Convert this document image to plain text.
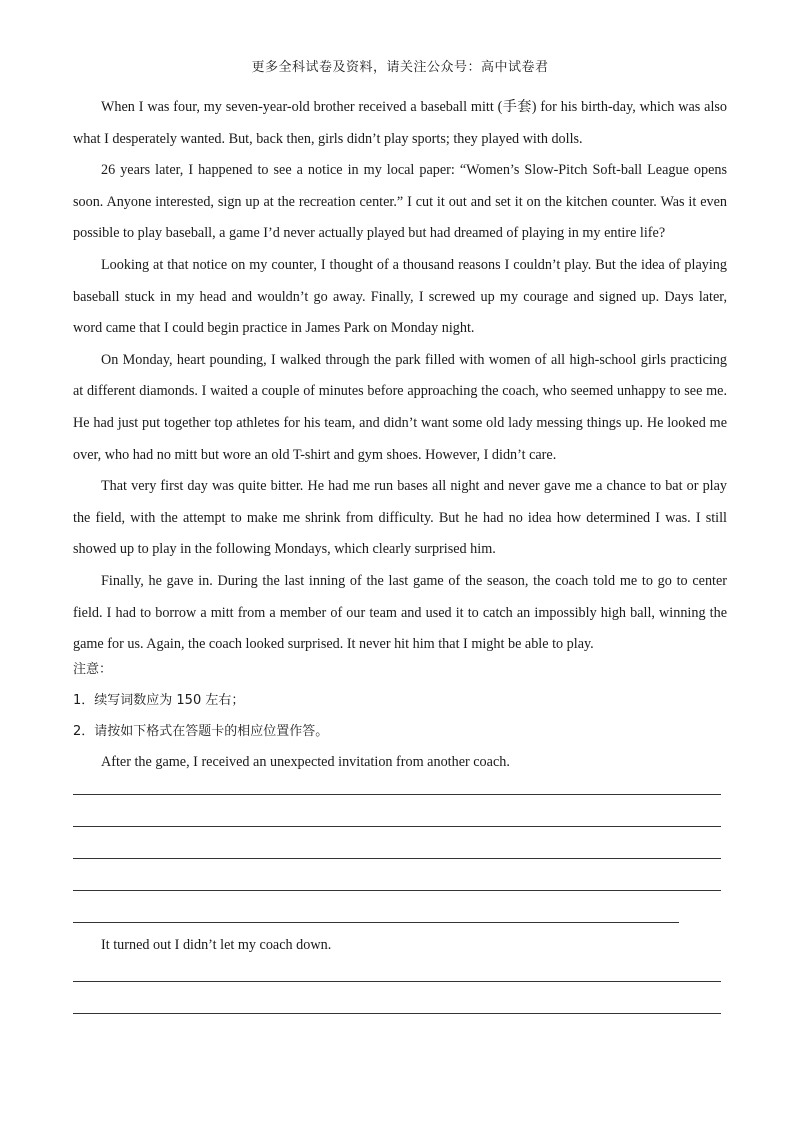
更多全科试卷及资料，请关注公众号：高中试卷君

When I was four, my seven-year-old brother received a baseball mitt (手套) for his birth-day, which was also what I desperately wanted. But, back then, girls didn’t play sports; they played with dolls.

26 years later, I happened to see a notice in my local paper: “Women’s Slow-Pitch Soft-ball League opens soon. Anyone interested, sign up at the recreation center.” I cut it out and set it on the kitchen counter. Was it even possible to play baseball, a game I’d never actually played but had dreamed of playing in my entire life?

Looking at that notice on my counter, I thought of a thousand reasons I couldn’t play. But the idea of playing baseball stuck in my head and wouldn’t go away. Finally, I screwed up my courage and signed up. Days later, word came that I could begin practice in James Park on Monday night.

On Monday, heart pounding, I walked through the park filled with women of all high-school girls practicing at different diamonds. I waited a couple of minutes before approaching the coach, who seemed unhappy to see me. He had just put together top athletes for his team, and didn’t want some old lady messing things up. He looked me over, who had no mitt but wore an old T-shirt and gym shoes. However, I didn’t care.

That very first day was quite bitter. He had me run bases all night and never gave me a chance to bat or play the field, with the attempt to make me shrink from difficulty. But he had no idea how determined I was. I still showed up to play in the following Mondays, which clearly surprised him.

Finally, he gave in. During the last inning of the last game of the season, the coach told me to go to center field. I had to borrow a mitt from a member of our team and used it to catch an impossibly high ball, winning the game for us. Again, the coach looked surprised. It never hit him that I might be able to play.

注意：
1．续写词数应为 150 左右；
2．请按如下格式在答题卡的相应位置作答。

After the game, I received an unexpected invitation from another coach.

It turned out I didn’t let my coach down.
